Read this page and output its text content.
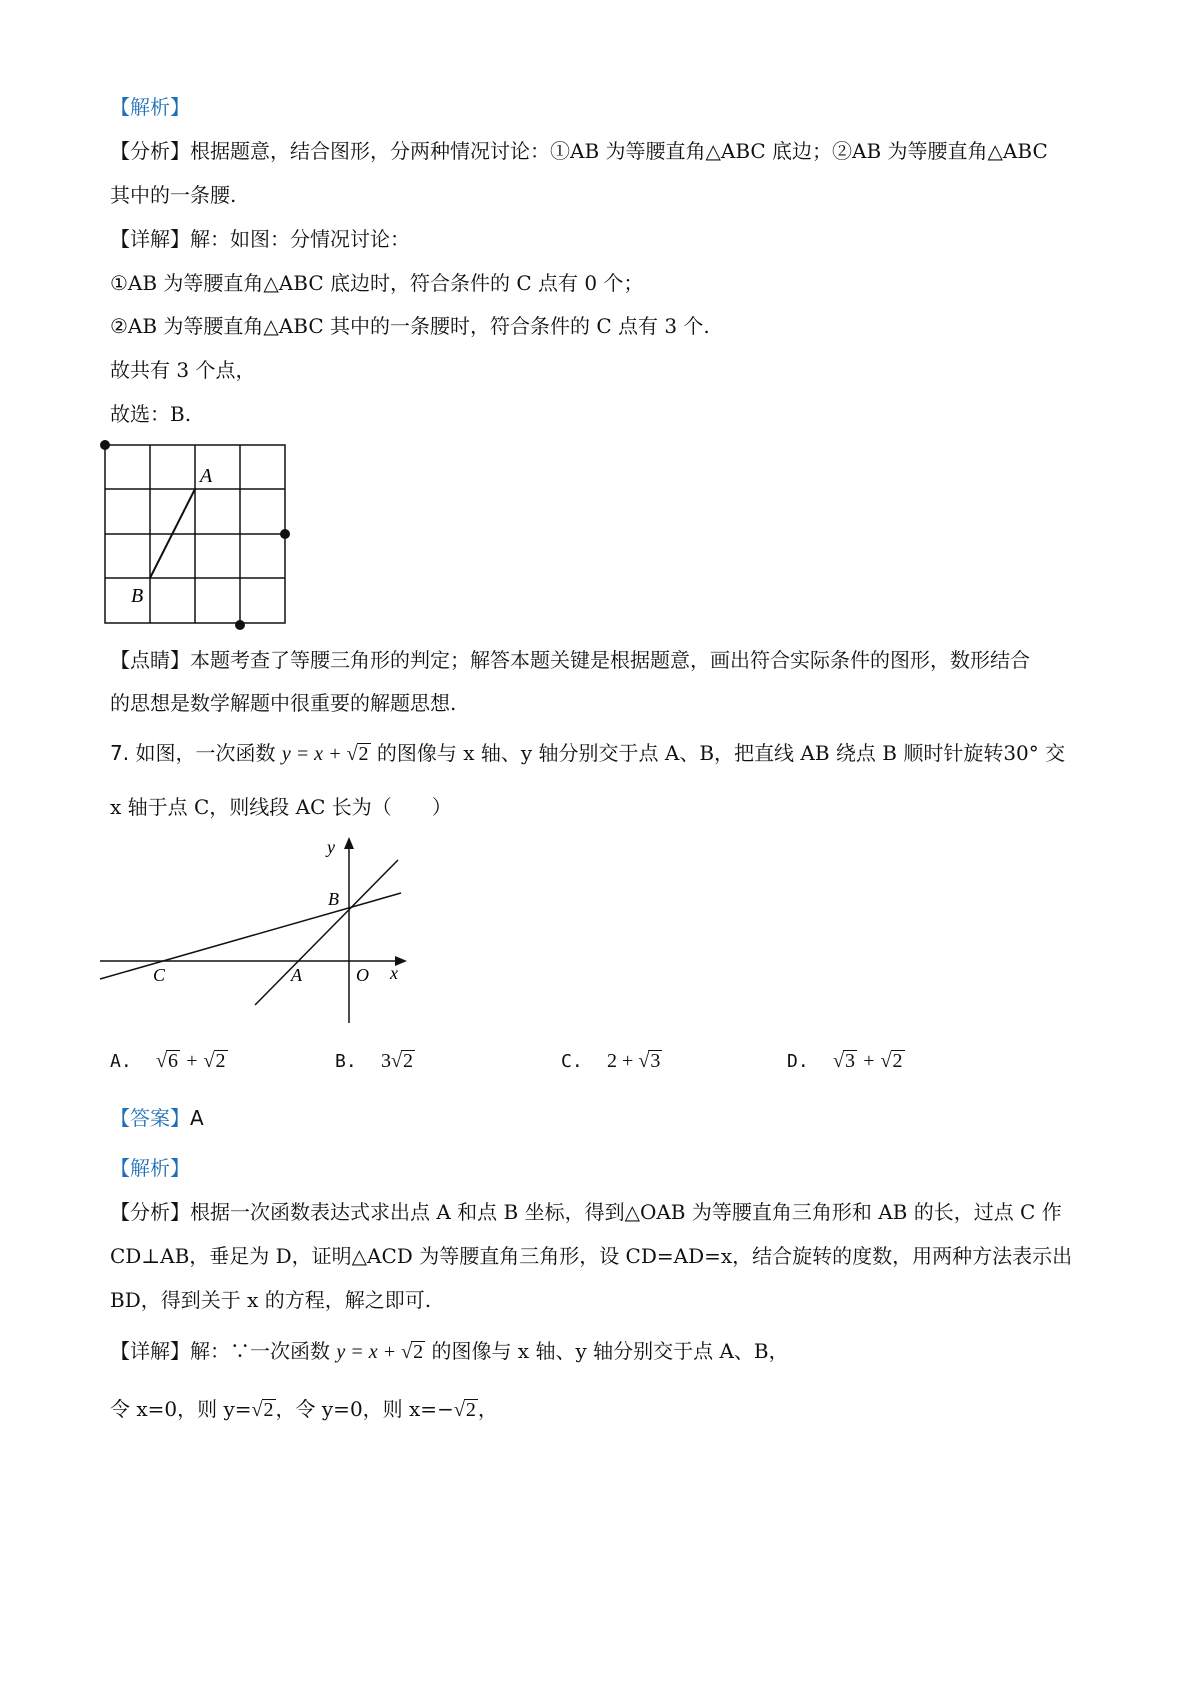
【解析】
【分析】根据题意，结合图形，分两种情况讨论：①AB 为等腰直角△ABC 底边；②AB 为等腰直角△ABC
其中的一条腰.
【详解】解：如图：分情况讨论：
①AB 为等腰直角△ABC 底边时，符合条件的 C 点有 0 个；
②AB 为等腰直角△ABC 其中的一条腰时，符合条件的 C 点有 3 个.
故共有 3 个点，
故选：B.
A
B
【点睛】本题考查了等腰三角形的判定；解答本题关键是根据题意，画出符合实际条件的图形，数形结合
的思想是数学解题中很重要的解题思想.
7. 如图，一次函数 y = x + √2 的图像与 x 轴、y 轴分别交于点 A、B，把直线 AB 绕点 B 顺时针旋转30° 交
x 轴于点 C，则线段 AC 长为（　　）
y
x
B
C	A	O
A. √6 + √2	B. 3√2	C. 2 + √3	D. √3 + √2
【答案】A
【解析】
【分析】根据一次函数表达式求出点 A 和点 B 坐标，得到△OAB 为等腰直角三角形和 AB 的长，过点 C 作
CD⊥AB，垂足为 D，证明△ACD 为等腰直角三角形，设 CD=AD=x，结合旋转的度数，用两种方法表示出
BD，得到关于 x 的方程，解之即可.
【详解】解：∵一次函数 y = x + √2 的图像与 x 轴、y 轴分别交于点 A、B，
令 x=0，则 y=√2 ，令 y=0，则 x=−√2 ，
